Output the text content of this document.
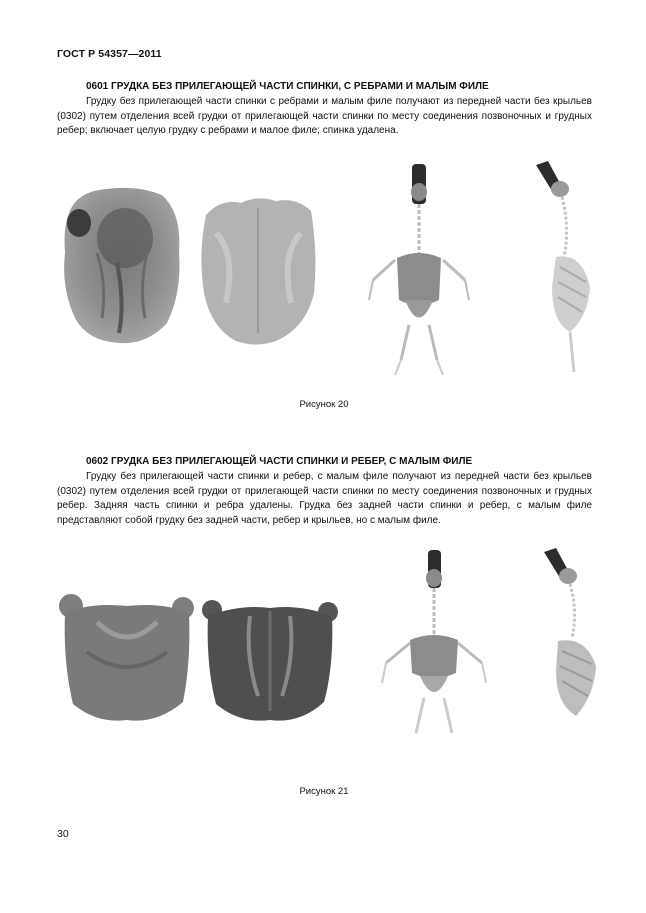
ГОСТ Р 54357—2011
0601 ГРУДКА БЕЗ ПРИЛЕГАЮЩЕЙ ЧАСТИ СПИНКИ, С РЕБРАМИ И МАЛЫМ ФИЛЕ
Грудку без прилегающей части спинки с ребрами и малым филе получают из передней части без крыльев (0302) путем отделения всей грудки от прилегающей части спинки по месту соединения позвоночных и грудных ребер; включает целую грудку с ребрами и малое филе; спинка удалена.
Рисунок 20
0602 ГРУДКА БЕЗ ПРИЛЕГАЮЩЕЙ ЧАСТИ СПИНКИ И РЕБЕР, С МАЛЫМ ФИЛЕ
Грудку без прилегающей части спинки и ребер, с малым филе получают из передней части без крыльев (0302) путем отделения всей грудки от прилегающей части спинки по месту соединения позвоночных и грудных ребер. Задняя часть спинки и ребра удалены. Грудка без задней части спинки и ребер, с малым филе представляют собой грудку без задней части, ребер и крыльев, но с малым филе.
Рисунок 21
30
